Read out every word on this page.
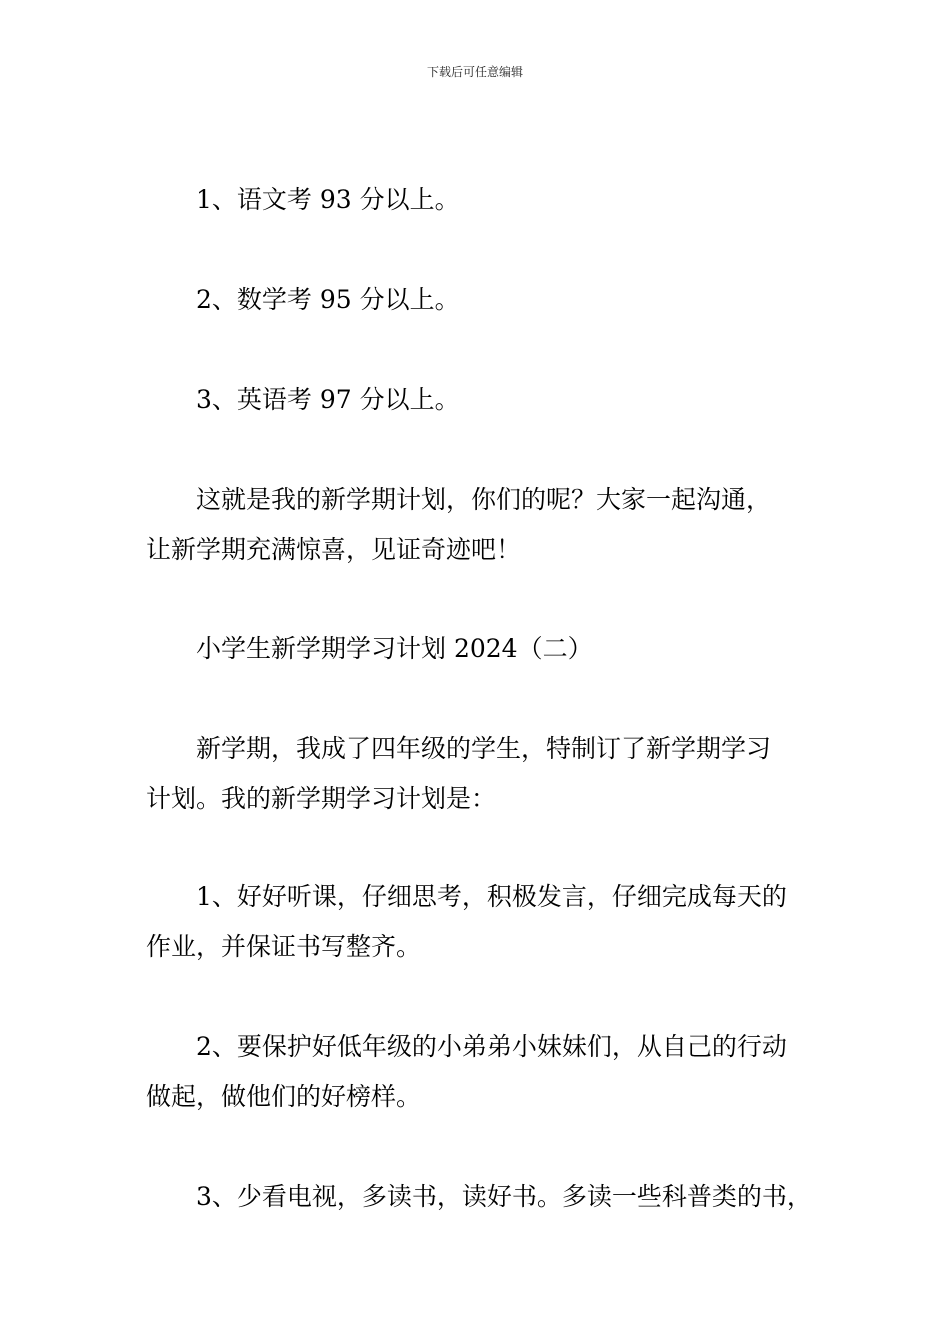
下载后可任意编辑
1、语文考 93 分以上。
2、数学考 95 分以上。
3、英语考 97 分以上。
这就是我的新学期计划，你们的呢？大家一起沟通，
让新学期充满惊喜，见证奇迹吧！
小学生新学期学习计划 2024（二）
新学期，我成了四年级的学生，特制订了新学期学习
计划。我的新学期学习计划是：
1、好好听课，仔细思考，积极发言，仔细完成每天的
作业，并保证书写整齐。
2、要保护好低年级的小弟弟小妹妹们，从自己的行动
做起，做他们的好榜样。
3、少看电视，多读书，读好书。多读一些科普类的书，
